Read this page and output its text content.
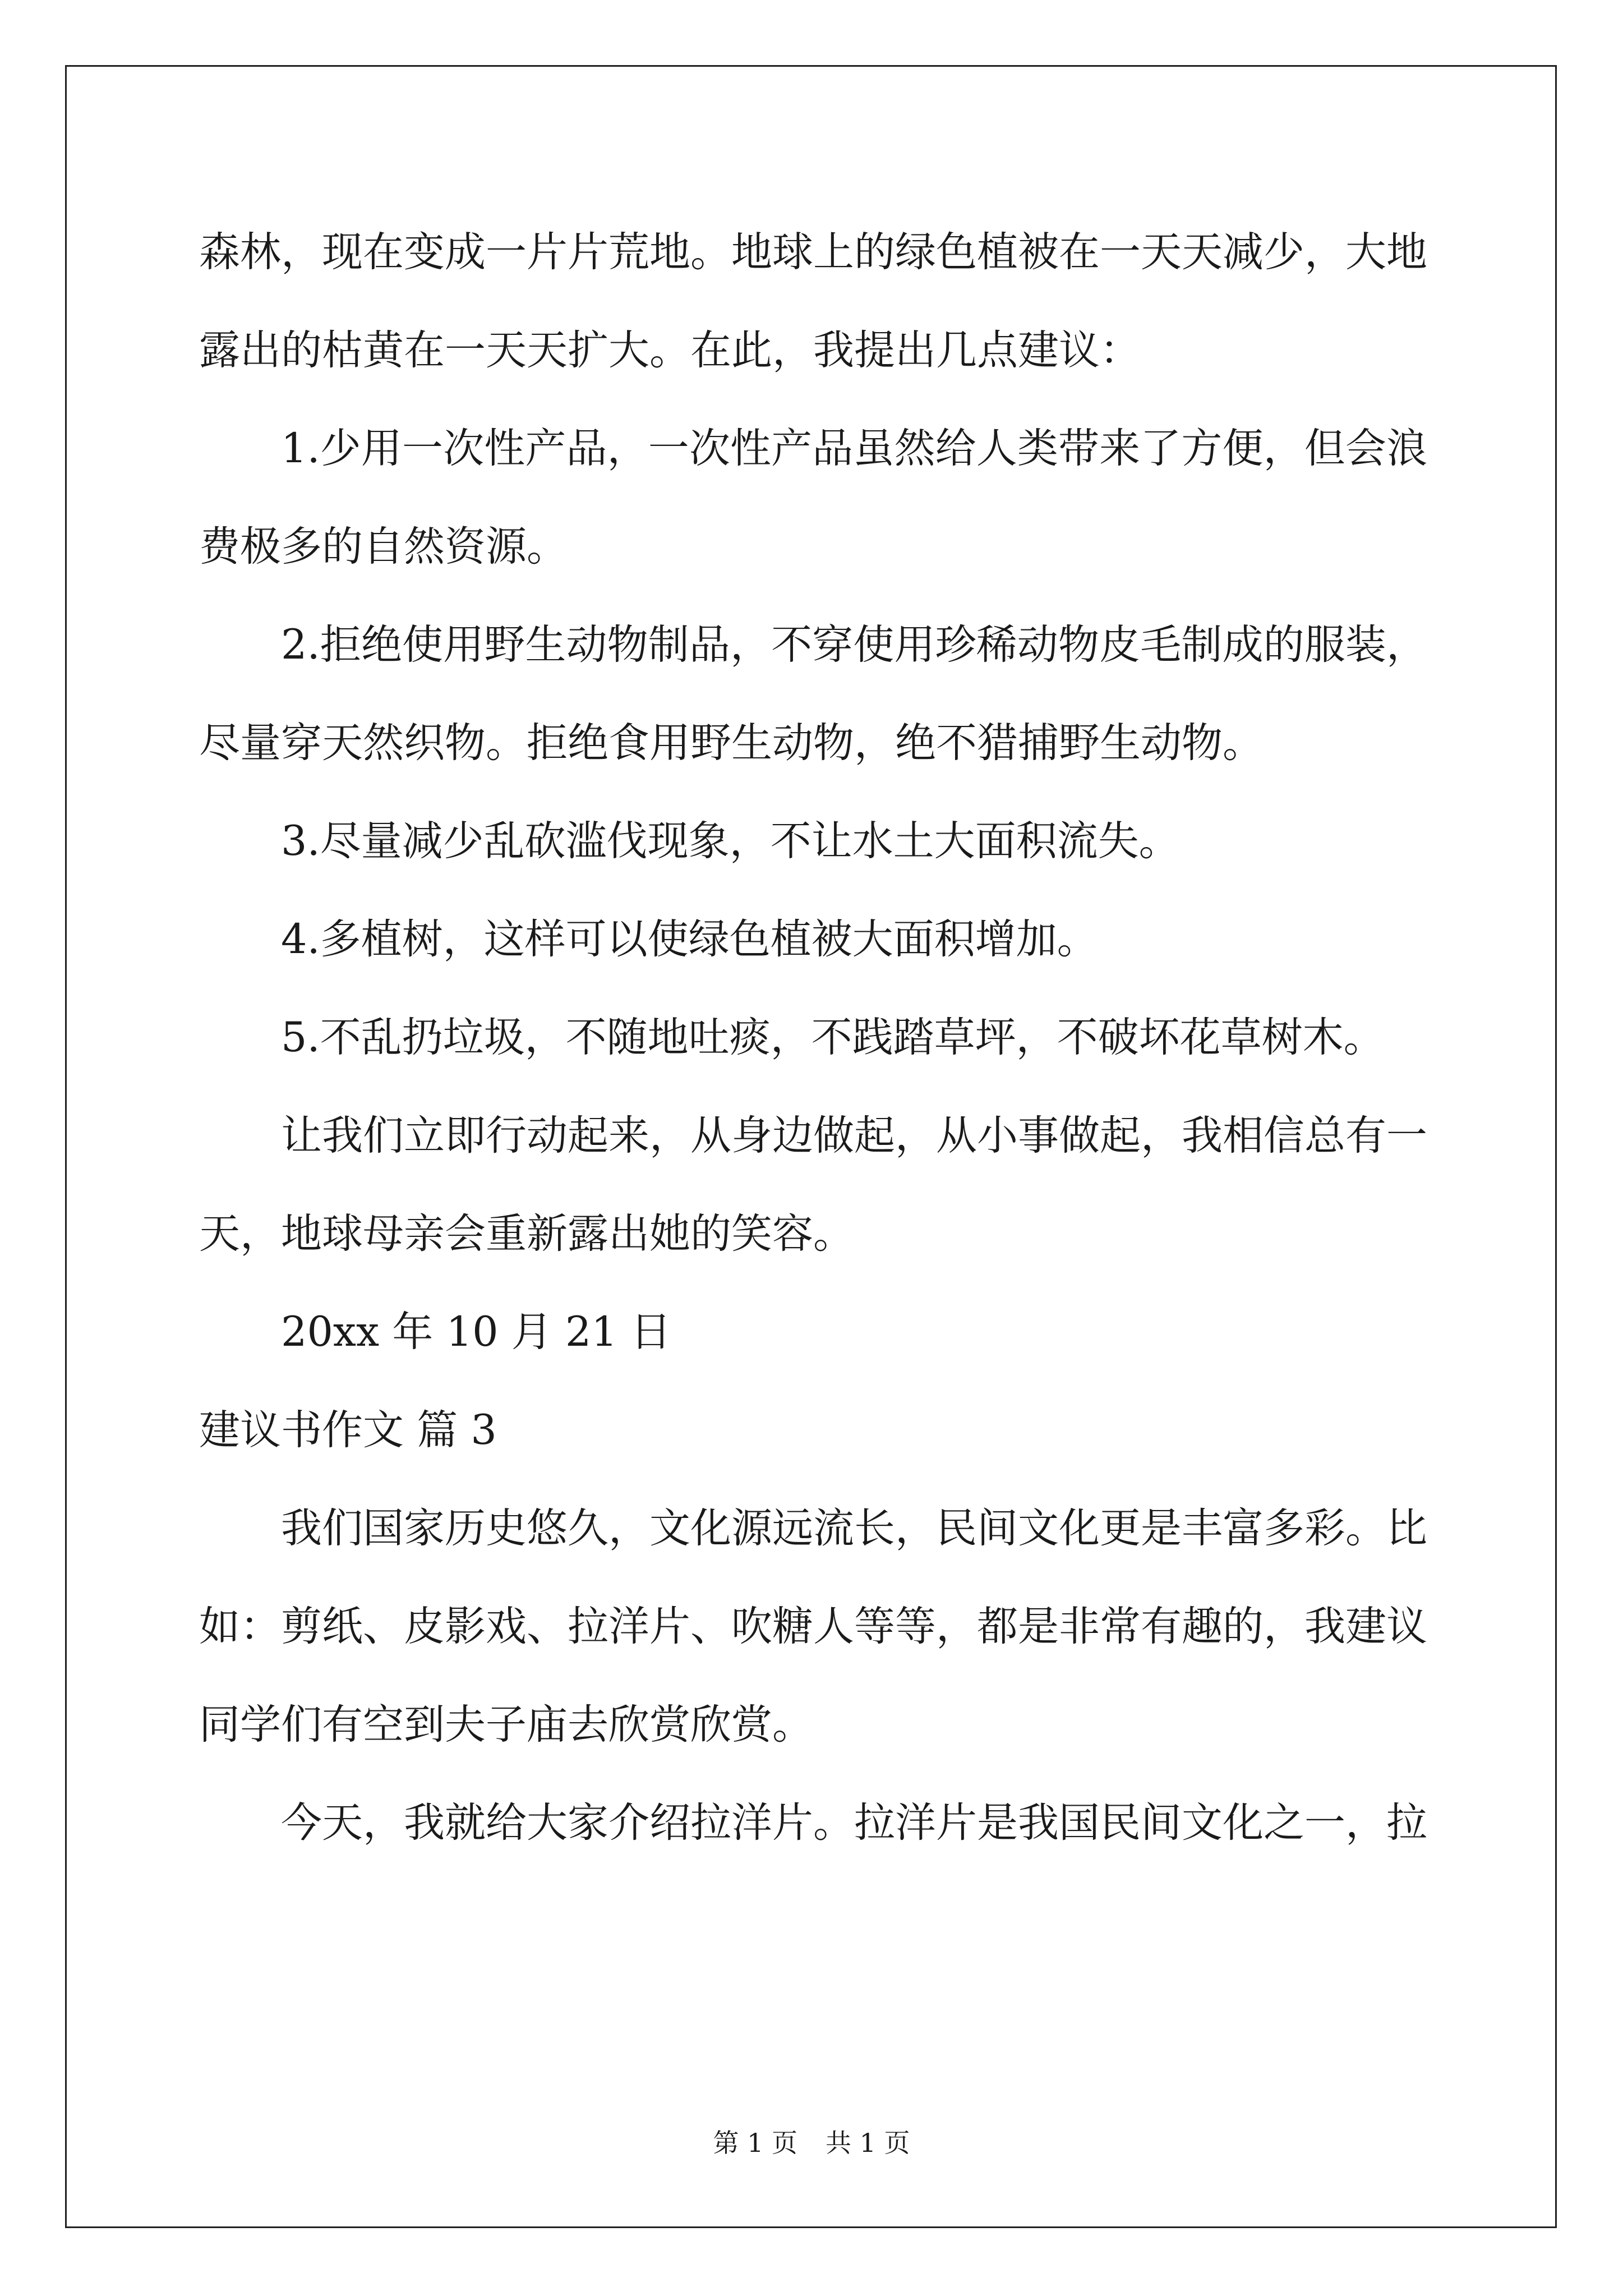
森林，现在变成一片片荒地。地球上的绿色植被在一天天减少，大地
露出的枯黄在一天天扩大。在此，我提出几点建议：
1.少用一次性产品，一次性产品虽然给人类带来了方便，但会浪
费极多的自然资源。
2.拒绝使用野生动物制品，不穿使用珍稀动物皮毛制成的服装，
尽量穿天然织物。拒绝食用野生动物，绝不猎捕野生动物。
3.尽量减少乱砍滥伐现象，不让水土大面积流失。
4.多植树，这样可以使绿色植被大面积增加。
5.不乱扔垃圾，不随地吐痰，不践踏草坪，不破坏花草树木。
让我们立即行动起来，从身边做起，从小事做起，我相信总有一
天，地球母亲会重新露出她的笑容。
20xx 年 10 月 21 日
建议书作文 篇 3
我们国家历史悠久，文化源远流长，民间文化更是丰富多彩。比
如：剪纸、皮影戏、拉洋片、吹糖人等等，都是非常有趣的，我建议
同学们有空到夫子庙去欣赏欣赏。
今天，我就给大家介绍拉洋片。拉洋片是我国民间文化之一，拉
第 1 页 共 1 页
